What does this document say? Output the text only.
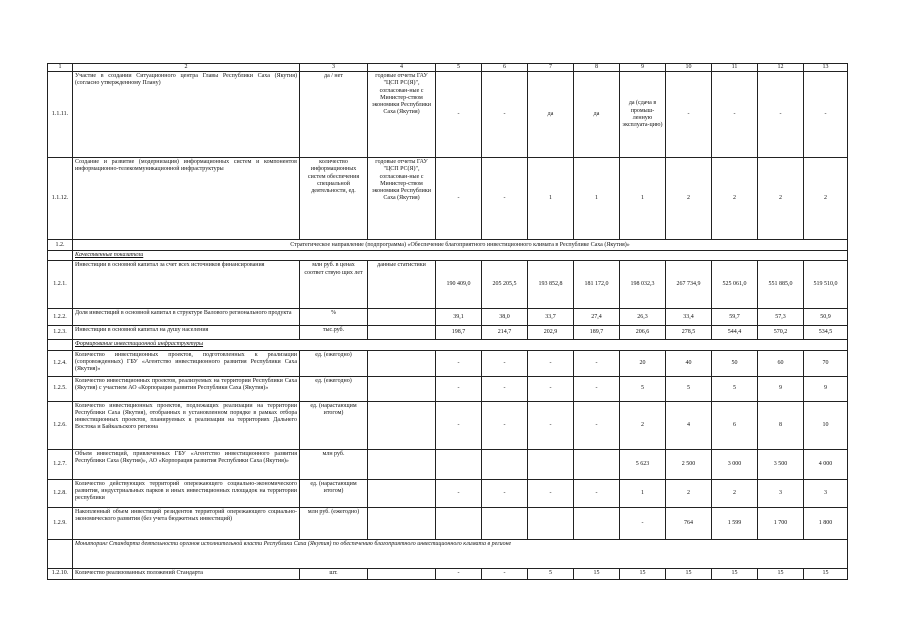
1	2	3	4	5	6	7	8	9	10	11	12	13
1.1.11.	Участие в создании Ситуационного центра Главы Республики Саха (Якутия) (согласно утвержденному Плану)	да / нет	годовые отчеты ГАУ "ЦСП РС(Я)", согласован-ные с Министер-ством экономики Республики Саха (Якутия)	-	-	да	да	да (сдача в промыш-ленную эксплуата-цию)	-	-	-	-
1.1.12.	Создание и развитие (модернизация) информационных систем и компонентов информационно-телекоммуникационной инфраструктуры	количество информационных систем обеспечения специальной деятельности, ед.	годовые отчеты ГАУ "ЦСП РС(Я)", согласован-ные с Министер-ством экономики Республики Саха (Якутия)	-	-	1	1	1	2	2	2	2
1.2.	Стратегическое направление (подпрограмма) «Обеспечение благоприятного инвестиционного климата в Республике Саха (Якутия)»											
	Качественные показатели											
1.2.1.	Инвестиции в основной капитал за счет всех источников финансирования	млн руб. в ценах соответ ствую щих лет	данные статистики	190 409,0	205 205,5	193 852,8	181 172,0	198 032,3	267 734,9	525 061,0	551 885,0	519 510,0
1.2.2.	Доля инвестиций в основной капитал в структуре Валового регионального продукта	%		39,1	38,0	33,7	27,4	26,3	33,4	59,7	57,3	50,9
1.2.3.	Инвестиции в основной капитал на душу населения	тыс.руб.		198,7	214,7	202,9	189,7	206,6	278,5	544,4	570,2	534,5
	Формирование инвестиционной инфраструктуры											
1.2.4.	Количество инвестиционных проектов, подготовленных к реализации (сопровожденных) ГБУ «Агентство инвестиционного развития Республики Саха (Якутия)»	ед. (ежегодно)		-	-	-	-	20	40	50	60	70
1.2.5.	Количество инвестиционных проектов, реализуемых на территории Республики Саха (Якутия) с участием АО «Корпорация развития Республики Саха (Якутия)»	ед. (ежегодно)		-	-	-	-	5	5	5	9	9
1.2.6.	Количество инвестиционных проектов, подлежащих реализации на территории Республики Саха (Якутия), отобранных в установленном порядке в рамках отбора инвестиционных проектов, планируемых к реализации на территориях Дальнего Востока и Байкальского региона	ед. (нарастающим итогом)		-	-	-	-	2	4	6	8	10
1.2.7.	Объем инвестиций, привлеченных ГБУ «Агентство инвестиционного развития Республики Саха (Якутия)», АО «Корпорация развития Республики Саха (Якутия)»	млн руб.						5 623	2 500	3 000	3 500	4 000
1.2.8.	Количество действующих территорий опережающего социально-экономического развития, индустриальных парков и иных инвестиционных площадок на территории республики	ед. (нарастающим итогом)		-	-	-	-	1	2	2	3	3
1.2.9.	Накопленный объем инвестиций резидентов территорий опережающего социально-экономического развития (без учета бюджетных инвестиций)	млн руб. (ежегодно)						-	764	1 599	1 700	1 800
	Мониторинг Стандарта деятельности органов исполнительной власти Республики Саха (Якутия) по обеспечению благоприятного инвестиционного климата в регионе											
1.2.10.	Количество реализованных положений Стандарта	шт.		-	-	5	15	15	15	15	15	15
